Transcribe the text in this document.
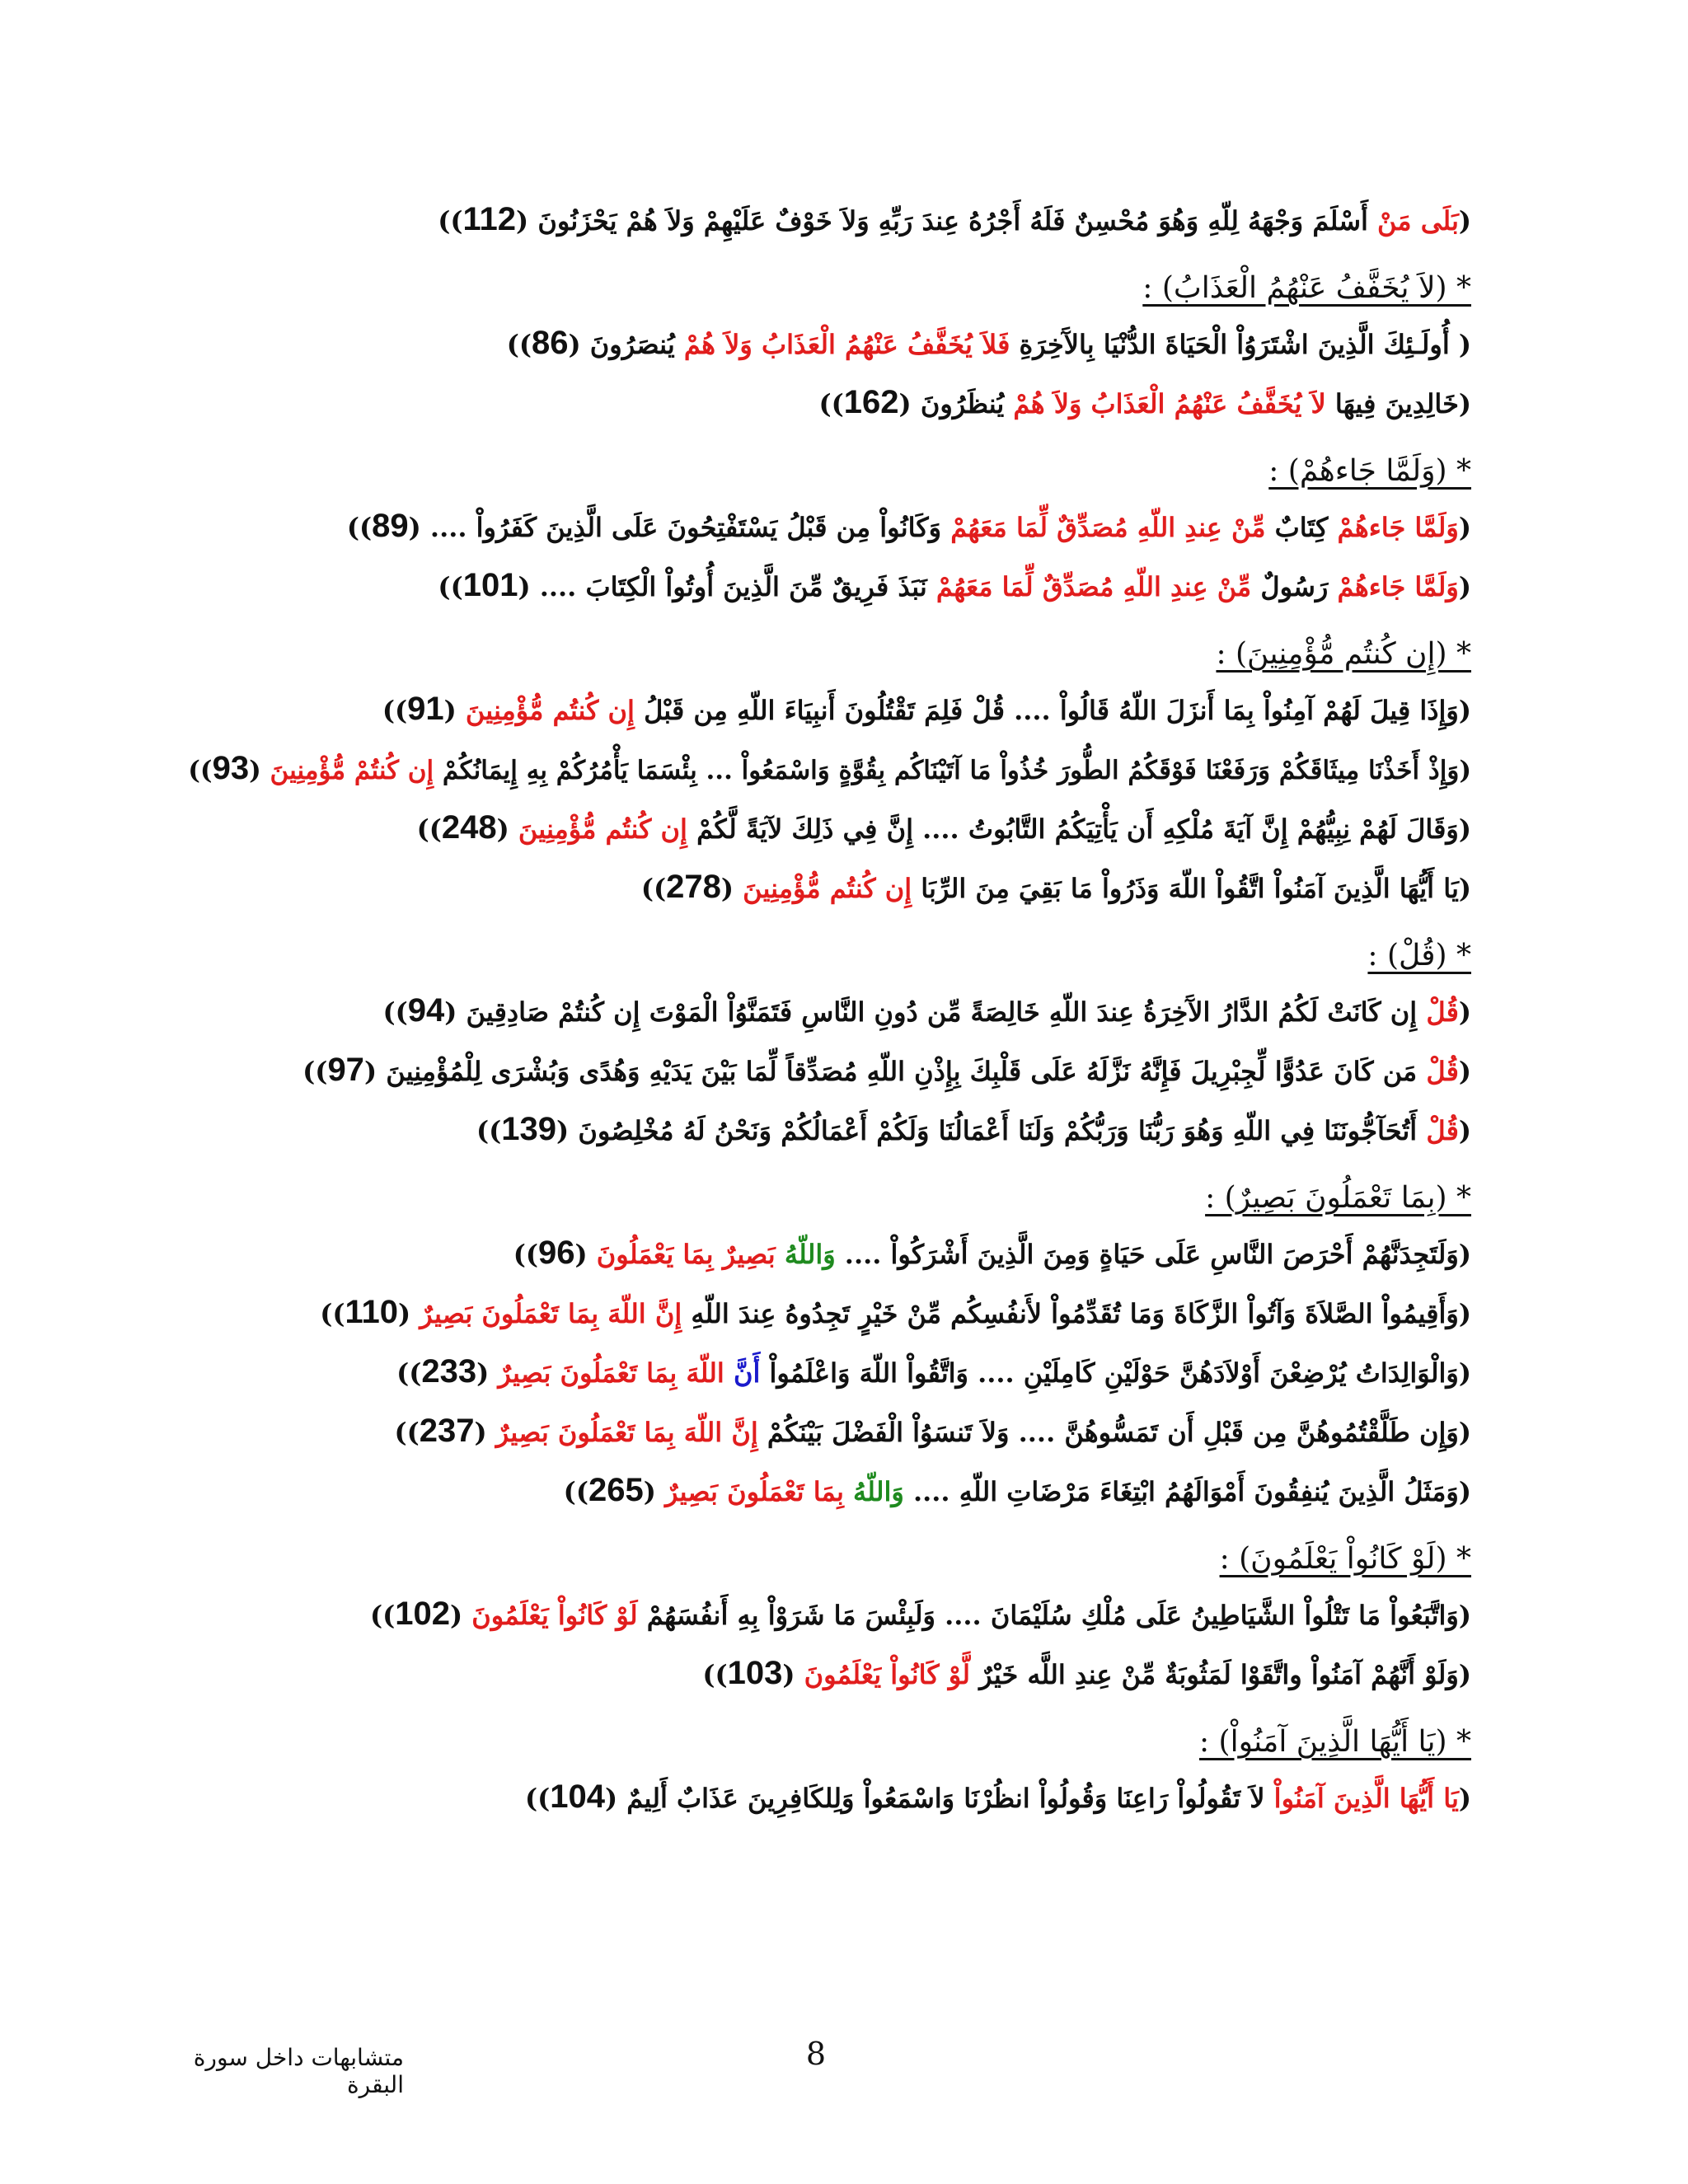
(بَلَى مَنْ أَسْلَمَ وَجْهَهُ لِلّهِ وَهُوَ مُحْسِنٌ فَلَهُ أَجْرُهُ عِندَ رَبِّهِ وَلاَ خَوْفٌ عَلَيْهِمْ وَلاَ هُمْ يَحْزَنُونَ (112))
* (لاَ يُخَفَّفُ عَنْهُمُ الْعَذَابُ) :
( أُولَـئِكَ الَّذِينَ اشْتَرَوُاْ الْحَيَاةَ الدُّنْيَا بِالآَخِرَةِ فَلاَ يُخَفَّفُ عَنْهُمُ الْعَذَابُ وَلاَ هُمْ يُنصَرُونَ (86))
(خَالِدِينَ فِيهَا لاَ يُخَفَّفُ عَنْهُمُ الْعَذَابُ وَلاَ هُمْ يُنظَرُونَ (162))
* (وَلَمَّا جَاءهُمْ) :
(وَلَمَّا جَاءهُمْ كِتَابٌ مِّنْ عِندِ اللّهِ مُصَدِّقٌ لِّمَا مَعَهُمْ وَكَانُواْ مِن قَبْلُ يَسْتَفْتِحُونَ عَلَى الَّذِينَ كَفَرُواْ .... (89))
(وَلَمَّا جَاءهُمْ رَسُولٌ مِّنْ عِندِ اللّهِ مُصَدِّقٌ لِّمَا مَعَهُمْ نَبَذَ فَرِيقٌ مِّنَ الَّذِينَ أُوتُواْ الْكِتَابَ .... (101))
* (إِن كُنتُم مُّؤْمِنِينَ) :
(وَإِذَا قِيلَ لَهُمْ آمِنُواْ بِمَا أَنزَلَ اللّهُ قَالُواْ .... قُلْ فَلِمَ تَقْتُلُونَ أَنبِيَاءَ اللّهِ مِن قَبْلُ إِن كُنتُم مُّؤْمِنِينَ (91))
(وَإِذْ أَخَذْنَا مِيثَاقَكُمْ وَرَفَعْنَا فَوْقَكُمُ الطُّورَ خُذُواْ مَا آتَيْنَاكُم بِقُوَّةٍ وَاسْمَعُواْ ... بِئْسَمَا يَأْمُرُكُمْ بِهِ إِيمَانُكُمْ إِن كُنتُمْ مُّؤْمِنِينَ (93))
(وَقَالَ لَهُمْ نِبِيُّهُمْ إِنَّ آيَةَ مُلْكِهِ أَن يَأْتِيَكُمُ التَّابُوتُ .... إِنَّ فِي ذَلِكَ لآيَةً لَّكُمْ إِن كُنتُم مُّؤْمِنِينَ (248))
(يَا أَيُّهَا الَّذِينَ آمَنُواْ اتَّقُواْ اللّهَ وَذَرُواْ مَا بَقِيَ مِنَ الرِّبَا إِن كُنتُم مُّؤْمِنِينَ (278))
* (قُلْ) :
(قُلْ إِن كَانَتْ لَكُمُ الدَّارُ الآَخِرَةُ عِندَ اللّهِ خَالِصَةً مِّن دُونِ النَّاسِ فَتَمَنَّوُاْ الْمَوْتَ إِن كُنتُمْ صَادِقِينَ (94))
(قُلْ مَن كَانَ عَدُوًّا لِّجِبْرِيلَ فَإِنَّهُ نَزَّلَهُ عَلَى قَلْبِكَ بِإِذْنِ اللّهِ مُصَدِّقاً لِّمَا بَيْنَ يَدَيْهِ وَهُدًى وَبُشْرَى لِلْمُؤْمِنِينَ (97))
(قُلْ أَتُحَآجُّونَنَا فِي اللّهِ وَهُوَ رَبُّنَا وَرَبُّكُمْ وَلَنَا أَعْمَالُنَا وَلَكُمْ أَعْمَالُكُمْ وَنَحْنُ لَهُ مُخْلِصُونَ (139))
* (بِمَا تَعْمَلُونَ بَصِيرٌ) :
(وَلَتَجِدَنَّهُمْ أَحْرَصَ النَّاسِ عَلَى حَيَاةٍ وَمِنَ الَّذِينَ أَشْرَكُواْ .... وَاللّهُ بَصِيرٌ بِمَا يَعْمَلُونَ (96))
(وَأَقِيمُواْ الصَّلاَةَ وَآتُواْ الزَّكَاةَ وَمَا تُقَدِّمُواْ لأَنفُسِكُم مِّنْ خَيْرٍ تَجِدُوهُ عِندَ اللّهِ إِنَّ اللّهَ بِمَا تَعْمَلُونَ بَصِيرٌ (110))
(وَالْوَالِدَاتُ يُرْضِعْنَ أَوْلاَدَهُنَّ حَوْلَيْنِ كَامِلَيْنِ .... وَاتَّقُواْ اللّهَ وَاعْلَمُواْ أَنَّ اللّهَ بِمَا تَعْمَلُونَ بَصِيرٌ (233))
(وَإِن طَلَّقْتُمُوهُنَّ مِن قَبْلِ أَن تَمَسُّوهُنَّ .... وَلاَ تَنسَوُاْ الْفَضْلَ بَيْنَكُمْ إِنَّ اللّهَ بِمَا تَعْمَلُونَ بَصِيرٌ (237))
(وَمَثَلُ الَّذِينَ يُنفِقُونَ أَمْوَالَهُمُ ابْتِغَاءَ مَرْضَاتِ اللّهِ .... وَاللّهُ بِمَا تَعْمَلُونَ بَصِيرٌ (265))
* (لَوْ كَانُواْ يَعْلَمُونَ) :
(وَاتَّبَعُواْ مَا تَتْلُواْ الشَّيَاطِينُ عَلَى مُلْكِ سُلَيْمَانَ .... وَلَبِئْسَ مَا شَرَوْاْ بِهِ أَنفُسَهُمْ لَوْ كَانُواْ يَعْلَمُونَ (102))
(وَلَوْ أَنَّهُمْ آمَنُواْ واتَّقَوْا لَمَثُوبَةٌ مِّنْ عِندِ اللَّه خَيْرٌ لَّوْ كَانُواْ يَعْلَمُونَ (103))
* (يَا أَيُّهَا الَّذِينَ آمَنُواْ) :
(يَا أَيُّهَا الَّذِينَ آمَنُواْ لاَ تَقُولُواْ رَاعِنَا وَقُولُواْ انظُرْنَا وَاسْمَعُواْ وَلِلكَافِرِينَ عَذَابٌ أَلِيمٌ (104))
8
متشابهات داخل سورة البقرة
